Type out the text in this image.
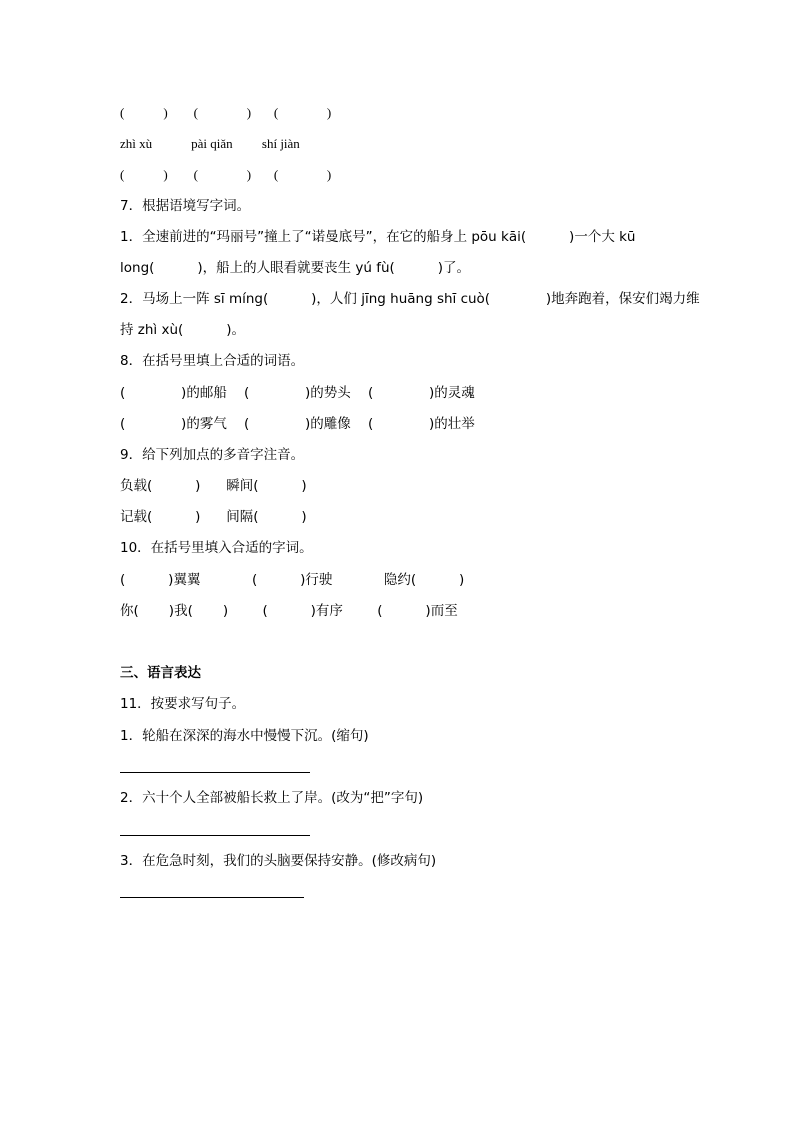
(            )        (               )       (               )

zhì xù            pài qiǎn         shí jiàn

(            )        (               )       (               )

7．根据语境写字词。

1．全速前进的“玛丽号”撞上了“诺曼底号”，在它的船身上 pōu kāi(          )一个大 kū

long(          )，船上的人眼看就要丧生 yú fù(          )了。

2．马场上一阵 sī míng(          )，人们 jīng huāng shī cuò(             )地奔跑着，保安们竭力维

持 zhì xù(          )。

8．在括号里填上合适的词语。

(             )的邮船    (             )的势头    (             )的灵魂

(             )的雾气    (             )的雕像    (             )的壮举

9．给下列加点的多音字注音。

负载(          )      瞬间(          )

记载(          )      间隔(          )

10．在括号里填入合适的字词。

(          )翼翼            (          )行驶            隐约(          )

你(       )我(       )        (          )有序        (          )而至

三、语言表达

11．按要求写句子。

1．轮船在深深的海水中慢慢下沉。(缩句)

2．六十个人全部被船长救上了岸。(改为“把”字句)

3．在危急时刻，我们的头脑要保持安静。(修改病句)
